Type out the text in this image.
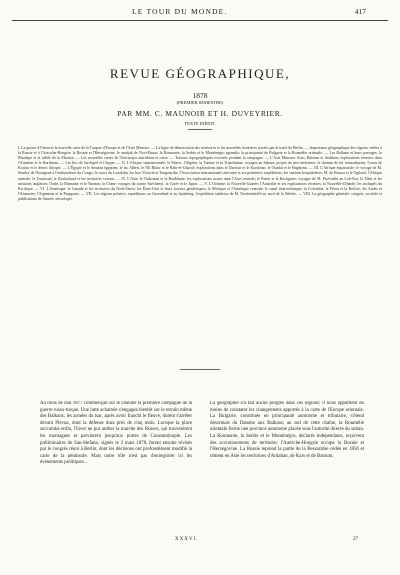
LE TOUR DU MONDE.	417
REVUE GÉOGRAPHIQUE,
1878
(PREMIER SEMESTRE)
PAR MM. C. MAUNOIR ET H. DUVEYRIER.
TEXTE INÉDIT.
I. La guerre d'Orient et la nouvelle carte de la Turquie d'Europe et de l'Asie Mineure. — La ligne de démarcation des territoires et les nouvelles frontières tracées par le traité de Berlin. — Importance géographique des régions cédées à la Russie et à l'Autriche-Hongrie; la Bosnie et l'Herzégovine, le sandjak de Novi-Bazar; la Roumanie, la Serbie et le Monténégro agrandis; la principauté de Bulgarie et la Roumélie orientale. — Les Balkans et leurs passages; le Rhodope et la vallée de la Maritza. — Les nouvelles cartes de l'état-major autrichien et russe. — Travaux topographiques exécutés pendant la campagne. — L'Asie Mineure: Kars, Batoum et Ardahan; explorations récentes dans l'Arménie et le Kurdistan. — Les îles de l'archipel et Chypre. — II. L'Afrique septentrionale: le Maroc, l'Algérie, la Tunisie et la Tripolitaine; voyages au Sahara; projets de mer intérieure; le chemin de fer transsaharien; l'oasis de Koufra et le désert libyque. — L'Égypte et le Soudan égyptien; le lac Albert, le Nil Blanc et le Bahr-el-Ghazal; explorations dans le Darfour et le Kordofan; le Ouadaï et le Baghirmi. — III. L'Afrique équatoriale: le voyage de M. Stanley de Nyangoué à l'embouchure du Congo; le cours du Loualaba; les lacs Victoria et Tanganyika; l'Association internationale africaine et ses premières expéditions; les stations hospitalières; M. de Brazza et le Ogôoué; l'Afrique australe: le Transvaal, le Zoulouland et les territoires voisins. — IV. L'Asie: le Turkestan et la Boukharie; les explorations russes dans l'Asie centrale; le Pamir et la Kachgarie; voyages de M. Prjévalski au Lob-Nor; le Tibet et les missions anglaises; l'Inde, la Birmanie et le Yunnan; la Chine: voyages du comte Széchenyi; la Corée et le Japon. — V. L'Océanie: la Nouvelle-Guinée; l'Australie et ses explorations récentes; la Nouvelle-Zélande; les archipels du Pacifique. — VI. L'Amérique: le Canada et les territoires du Nord-Ouest; les États-Unis et leurs travaux géodésiques; le Mexique et l'Amérique centrale; le canal interocéanique; la Colombie, le Pérou et la Bolivie; les Andes et l'Amazone; l'Argentine et la Patagonie. — VII. Les régions polaires: expéditions au Groenland et au Spitzberg; l'expédition suédoise de M. Nordenskiöld au nord de la Sibérie. — VIII. La géographie générale: congrès, sociétés et publications de l'année; nécrologie.
Au mois de mai 1877 commençait sur le Danube la première campagne de la guerre russo-turque. Une lutte acharnée s'engagea bientôt sur le terrain même des Balkans; les armées du tsar, après avoir franchi le fleuve, durent s'arrêter devant Plevna, dont la défense dura près de cinq mois. Lorsque la place succomba enfin, l'hiver ne put arrêter la marche des Russes, qui traversèrent les montagnes et parvinrent jusqu'aux portes de Constantinople. Les préliminaires de San-Stefano, signés le 3 mars 1878, furent ensuite révisés par le congrès réuni à Berlin, dont les décisions ont profondément modifié la carte de la péninsule. Mais notre rôle n'est pas d'enregistrer ici les événements politiques...
La géographie n'a fait aucun progrès dans ces régions; il nous appartient du moins de constater les changements apportés à la carte de l'Europe orientale. La Bulgarie, constituée en principauté autonome et tributaire, s'étend désormais du Danube aux Balkans; au sud de cette chaîne, la Roumélie orientale forme une province autonome placée sous l'autorité directe du sultan. La Roumanie, la Serbie et le Monténégro, déclarés indépendants, reçoivent des accroissements de territoire; l'Autriche-Hongrie occupe la Bosnie et l'Herzégovine. La Russie reprend la partie de la Bessarabie cédée en 1856 et obtient en Asie les territoires d'Ardahan, de Kars et de Batoum.
XXXVI.	27
